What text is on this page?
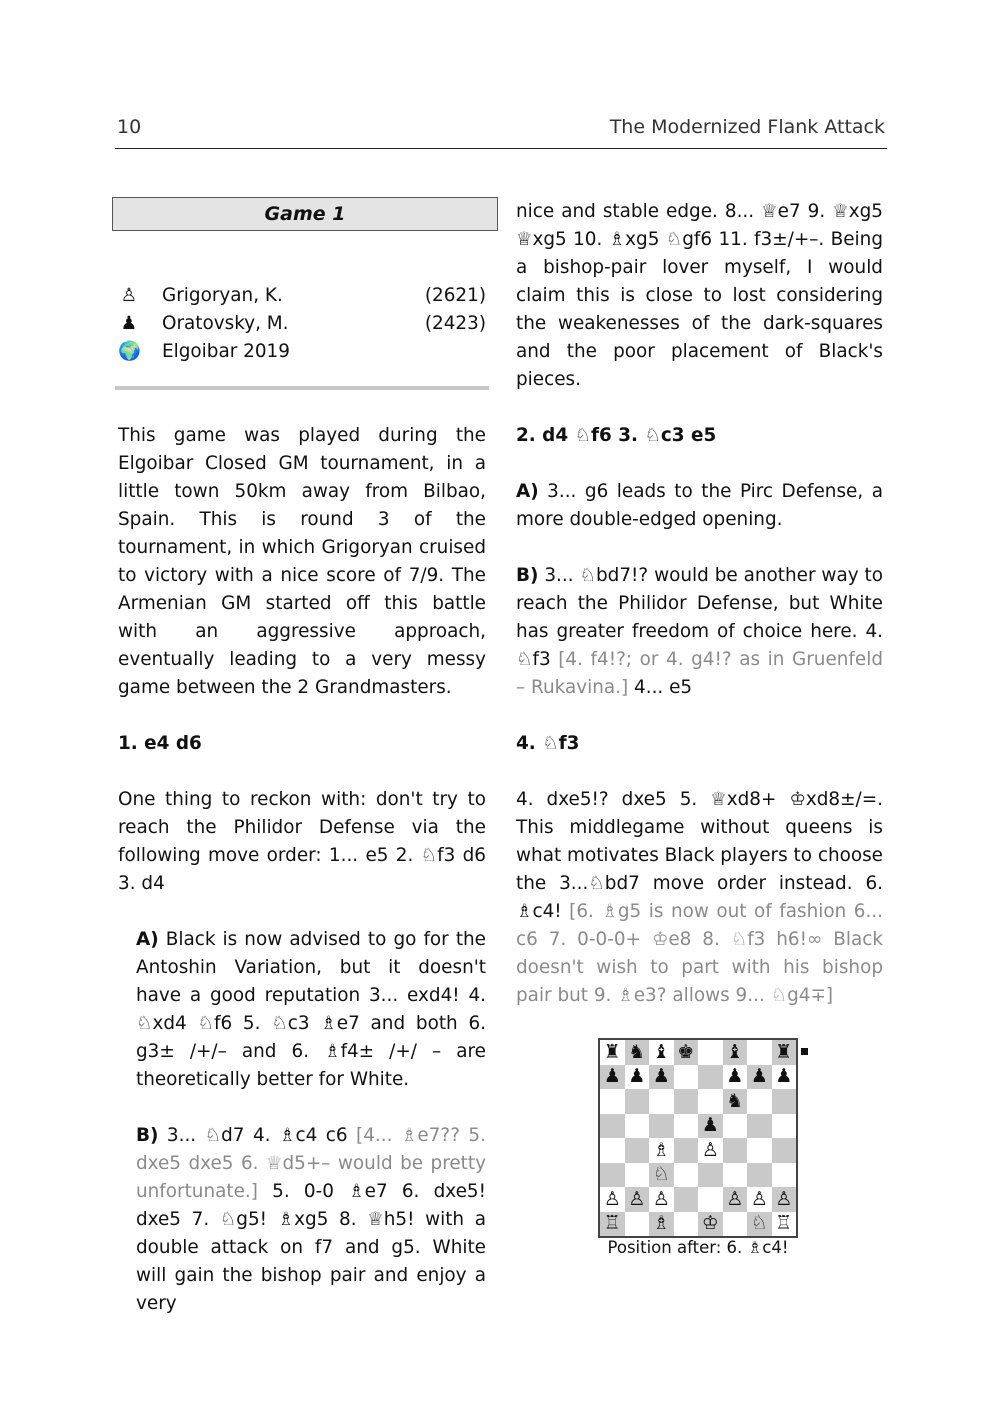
10	The Modernized Flank Attack
Game 1
♙ Grigoryan, K.	(2621)
♟ Oratovsky, M.	(2423)
🌍 Elgoibar 2019

This game was played during the Elgoibar Closed GM tournament, in a little town 50km away from Bilbao, Spain. This is round 3 of the tournament, in which Grigoryan cruised to victory with a nice score of 7/9. The Armenian GM started off this battle with an aggressive approach, eventually leading to a very messy game between the 2 Grandmasters.

1. e4 d6

One thing to reckon with: don't try to reach the Philidor Defense via the following move order: 1... e5 2. ♘f3 d6 3. d4

A) Black is now advised to go for the Antoshin Variation, but it doesn't have a good reputation 3... exd4! 4. ♘xd4 ♘f6 5. ♘c3 ♗e7 and both 6. g3± /+/– and 6. ♗f4± /+/ – are theoretically better for White.

B) 3... ♘d7 4. ♗c4 c6 [4... ♗e7?? 5. dxe5 dxe5 6. ♕d5+– would be pretty unfortunate.] 5. 0-0 ♗e7 6. dxe5! dxe5 7. ♘g5! ♗xg5 8. ♕h5! with a double attack on f7 and g5. White will gain the bishop pair and enjoy a very

nice and stable edge. 8... ♕e7 9. ♕xg5 ♕xg5 10. ♗xg5 ♘gf6 11. f3±/+–. Being a bishop-pair lover myself, I would claim this is close to lost considering the weakenesses of the dark-squares and the poor placement of Black's pieces.

2. d4 ♘f6 3. ♘c3 e5

A) 3... g6 leads to the Pirc Defense, a more double-edged opening.

B) 3... ♘bd7!? would be another way to reach the Philidor Defense, but White has greater freedom of choice here. 4. ♘f3 [4. f4!?; or 4. g4!? as in Gruenfeld – Rukavina.] 4... e5

4. ♘f3

4. dxe5!? dxe5 5. ♕xd8+ ♔xd8±/=. This middlegame without queens is what motivates Black players to choose the 3...♘bd7 move order instead. 6. ♗c4! [6. ♗g5 is now out of fashion 6... c6 7. 0-0-0+ ♔e8 8. ♘f3 h6!∞ Black doesn't wish to part with his bishop pair but 9. ♗e3? allows 9... ♘g4∓]

♜ ♞ ♝ ♚ ♝ ♜
♟ ♟ ♟	♟ ♟ ♟
♞
♟
♗ ♙
♘
♙ ♙ ♙	♙ ♙ ♙
♖ ♗ ♔ ♘ ♖
Position after: 6. ♗c4!
